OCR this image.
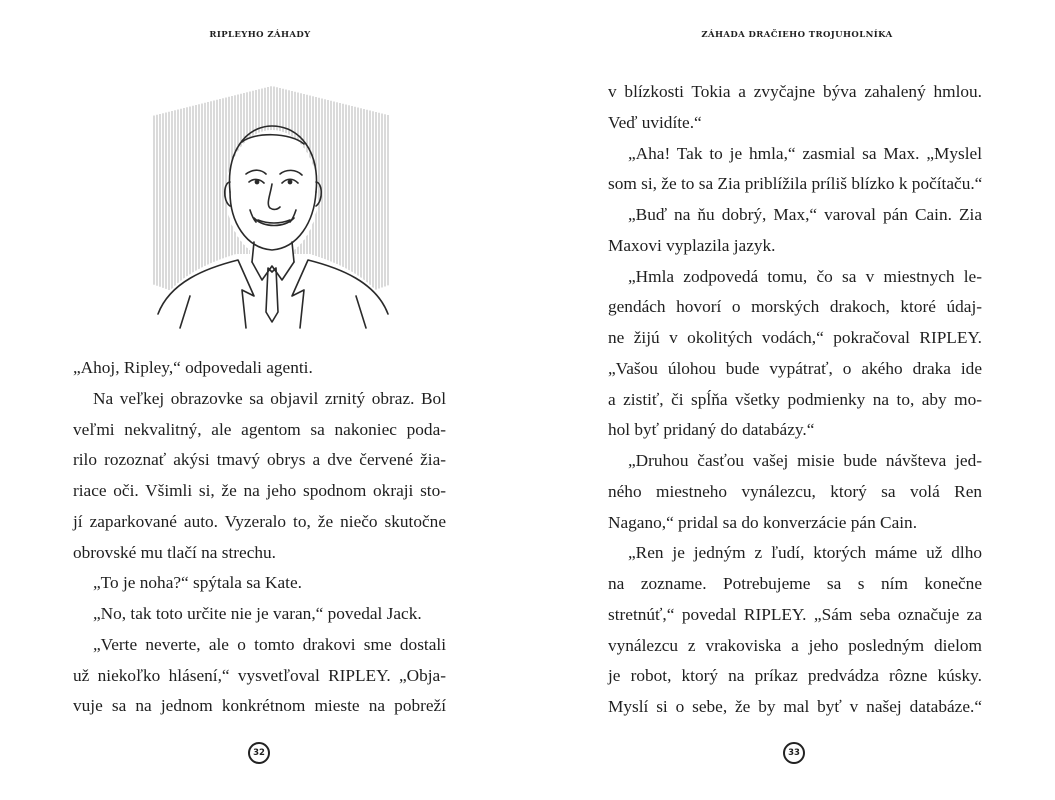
RIPLEYHO ZÁHADY
„Ahoj, Ripley,“ odpovedali agenti.
Na veľkej obrazovke sa objavil zrnitý obraz. Bol
veľmi nekvalitný, ale agentom sa nakoniec poda-
rilo rozoznať akýsi tmavý obrys a dve červené žia-
riace oči. Všimli si, že na jeho spodnom okraji sto-
jí zaparkované auto. Vyzeralo to, že niečo skutočne
obrovské mu tlačí na strechu.
„To je noha?“ spýtala sa Kate.
„No, tak toto určite nie je varan,“ povedal Jack.
„Verte neverte, ale o tomto drakovi sme dostali
už niekoľko hlásení,“ vysvetľoval RIPLEY. „Obja-
vuje sa na jednom konkrétnom mieste na pobreží
32
ZÁHADA DRAČIEHO TROJUHOLNÍKA
v blízkosti Tokia a zvyčajne býva zahalený hmlou.
Veď uvidíte.“
„Aha! Tak to je hmla,“ zasmial sa Max. „Myslel
som si, že to sa Zia priblížila príliš blízko k počítaču.“
„Buď na ňu dobrý, Max,“ varoval pán Cain. Zia
Maxovi vyplazila jazyk.
„Hmla zodpovedá tomu, čo sa v miestnych le-
gendách hovorí o morských drakoch, ktoré údaj-
ne žijú v okolitých vodách,“ pokračoval RIPLEY.
„Vašou úlohou bude vypátrať, o akého draka ide
a zistiť, či spĺňa všetky podmienky na to, aby mo-
hol byť pridaný do databázy.“
„Druhou časťou vašej misie bude návšteva jed-
ného miestneho vynálezcu, ktorý sa volá Ren
Nagano,“ pridal sa do konverzácie pán Cain.
„Ren je jedným z ľudí, ktorých máme už dlho
na zozname. Potrebujeme sa s ním konečne
stretnúť,“ povedal RIPLEY. „Sám seba označuje za
vynálezcu z vrakoviska a jeho posledným dielom
je robot, ktorý na príkaz predvádza rôzne kúsky.
Myslí si o sebe, že by mal byť v našej databáze.“
33
